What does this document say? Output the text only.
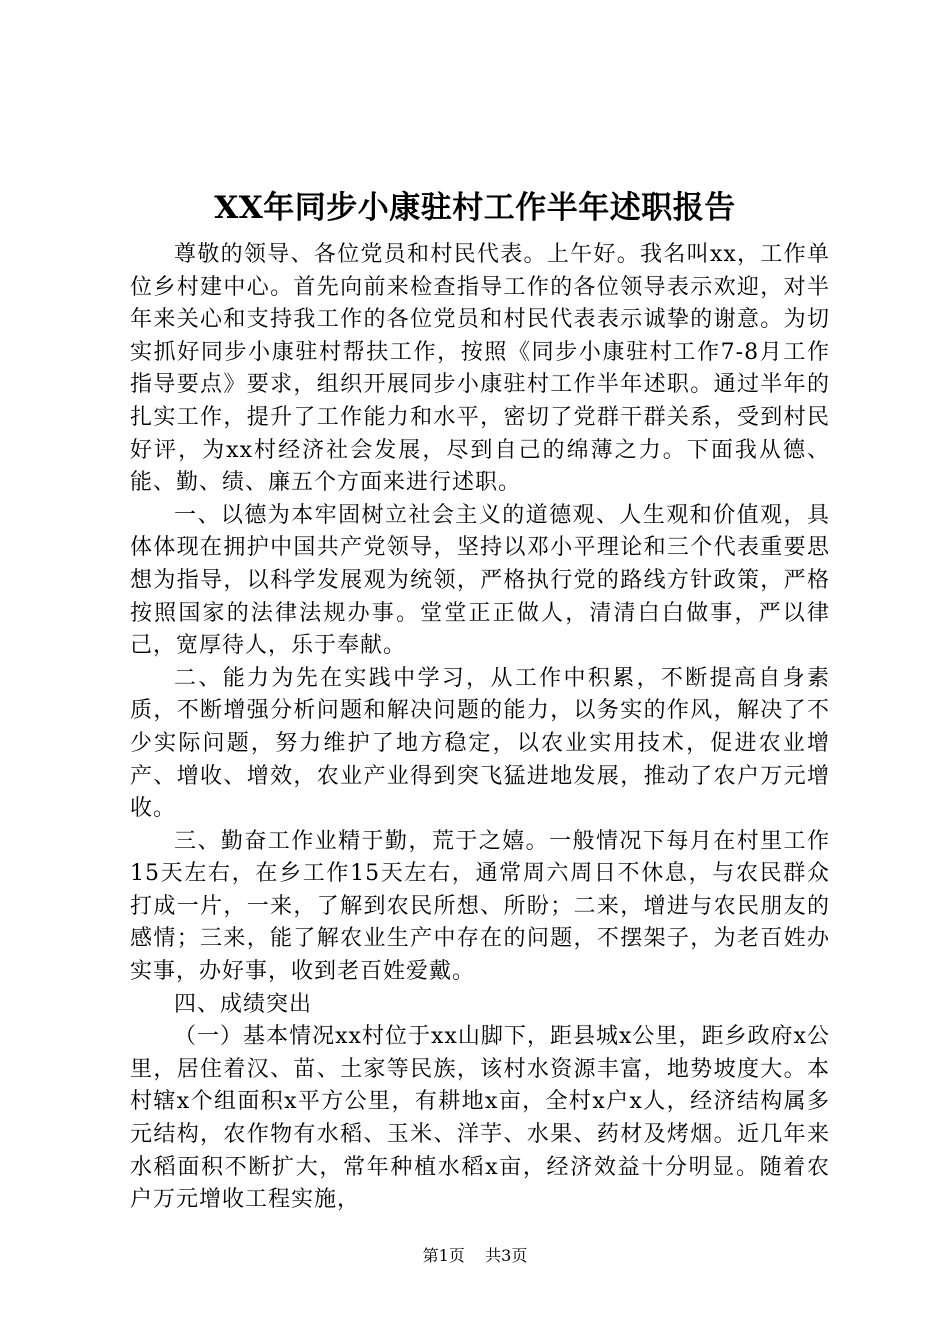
XX年同步小康驻村工作半年述职报告

尊敬的领导、各位党员和村民代表。上午好。我名叫xx，工作单位乡村建中心。首先向前来检查指导工作的各位领导表示欢迎，对半年来关心和支持我工作的各位党员和村民代表表示诚挚的谢意。为切实抓好同步小康驻村帮扶工作，按照《同步小康驻村工作7-8月工作指导要点》要求，组织开展同步小康驻村工作半年述职。通过半年的扎实工作，提升了工作能力和水平，密切了党群干群关系，受到村民好评，为xx村经济社会发展，尽到自己的绵薄之力。下面我从德、能、勤、绩、廉五个方面来进行述职。

一、以德为本牢固树立社会主义的道德观、人生观和价值观，具体体现在拥护中国共产党领导，坚持以邓小平理论和三个代表重要思想为指导，以科学发展观为统领，严格执行党的路线方针政策，严格按照国家的法律法规办事。堂堂正正做人，清清白白做事，严以律己，宽厚待人，乐于奉献。

二、能力为先在实践中学习，从工作中积累，不断提高自身素质，不断增强分析问题和解决问题的能力，以务实的作风，解决了不少实际问题，努力维护了地方稳定，以农业实用技术，促进农业增产、增收、增效，农业产业得到突飞猛进地发展，推动了农户万元增收。

三、勤奋工作业精于勤，荒于之嬉。一般情况下每月在村里工作15天左右，在乡工作15天左右，通常周六周日不休息，与农民群众打成一片，一来，了解到农民所想、所盼；二来，增进与农民朋友的感情；三来，能了解农业生产中存在的问题，不摆架子，为老百姓办实事，办好事，收到老百姓爱戴。

四、成绩突出

（一）基本情况xx村位于xx山脚下，距县城x公里，距乡政府x公里，居住着汉、苗、土家等民族，该村水资源丰富，地势坡度大。本村辖x个组面积x平方公里，有耕地x亩，全村x户x人，经济结构属多元结构，农作物有水稻、玉米、洋芋、水果、药材及烤烟。近几年来水稻面积不断扩大，常年种植水稻x亩，经济效益十分明显。随着农户万元增收工程实施，

第1页 共3页
